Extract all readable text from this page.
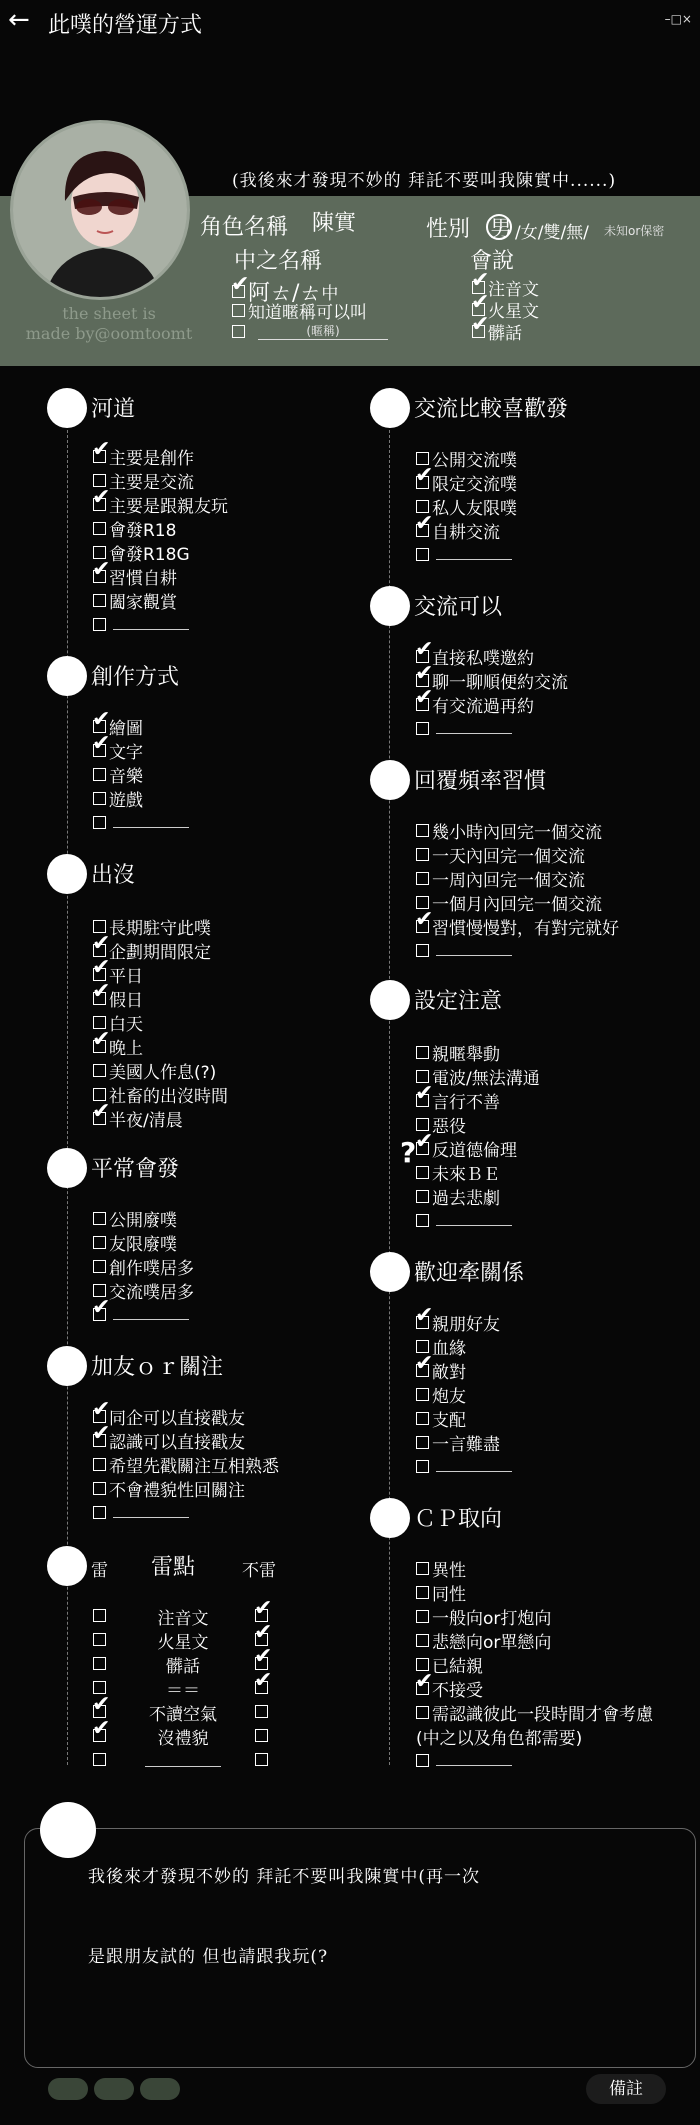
← 此噗的營運方式	–□×
(我後來才發現不妙的 拜託不要叫我陳實中......)
the sheet is
made by@oomtoomt
角色名稱 陳實	性別 男 /女/雙/無/ 未知or保密
中之名稱
✔
阿ㄊ/ㄊ 中
知道暱稱可以叫
(暱稱)
會說
✔
注音文
✔
火星文
✔
髒話
河道
✔
主要是創作
主要是交流
✔
主要是跟親友玩
會發R18
會發R18G
✔
習慣自耕
闔家觀賞
創作方式
✔
繪圖
✔
文字
音樂
遊戲
出沒
長期駐守此噗
✔
企劃期間限定
✔
平日
✔
假日
白天
✔
晚上
美國人作息(?)
社畜的出沒時間
✔
半夜/清晨
平常會發
公開廢噗
友限廢噗
創作噗居多
交流噗居多
✔
加友ｏｒ關注
✔
同企可以直接戳友
✔
認識可以直接戳友
希望先戳關注互相熟悉
不會禮貌性回關注
雷 雷點	不雷
注音文	✔
火星文	✔
髒話	✔
＝＝	✔
✔	不讀空氣
✔	沒禮貌
交流比較喜歡發
公開交流噗
✔
限定交流噗
私人友限噗
✔
自耕交流
交流可以
✔
直接私噗邀約
✔
聊一聊順便約交流
✔
有交流過再約
回覆頻率習慣
幾小時內回完一個交流
一天內回完一個交流
一周內回完一個交流
一個月內回完一個交流
✔
習慣慢慢對，有對完就好
設定注意
親暱舉動
電波/無法溝通
✔
言行不善
惡役
✔
反道德倫理
未來ＢＥ
過去悲劇
?
歡迎牽關係
✔
親朋好友
血緣
✔
敵對
炮友
支配
一言難盡
ＣＰ取向
異性
同性
一般向or打炮向
悲戀向or單戀向
已結親
✔
不接受
需認識彼此一段時間才會考慮
(中之以及角色都需要)
我後來才發現不妙的 拜託不要叫我陳實中(再一次
是跟朋友試的 但也請跟我玩(?
備註
